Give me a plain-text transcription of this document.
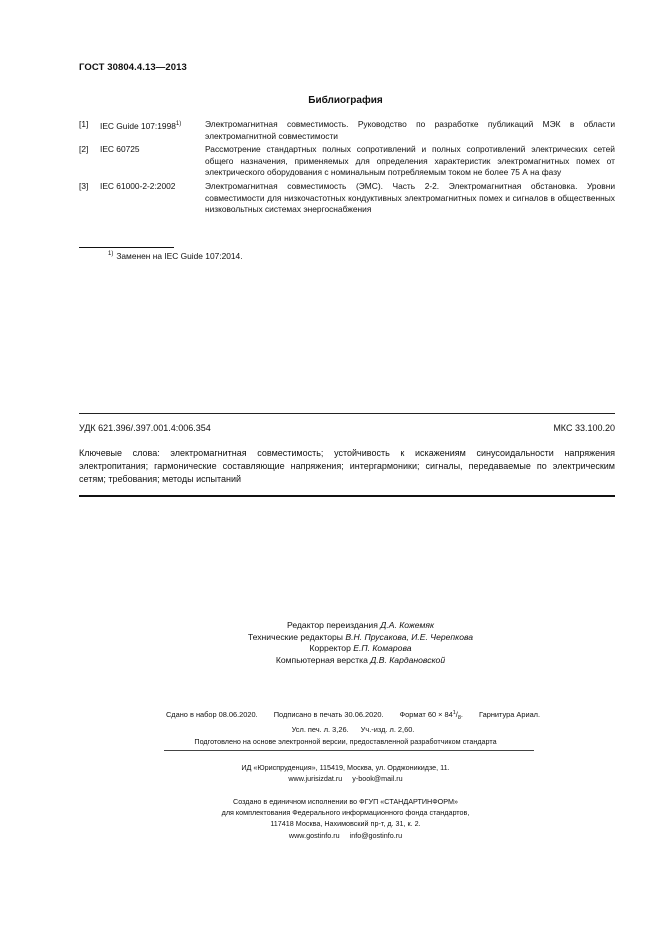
ГОСТ 30804.4.13—2013
Библиография
[1]	IEC Guide 107:1998$^{1)}$	Электромагнитная совместимость. Руководство по разработке публикаций МЭК в области электромагнитной совместимости
[2]	IEC 60725	Рассмотрение стандартных полных сопротивлений и полных сопротивлений электрических сетей общего назначения, применяемых для определения характеристик электромагнитных помех от электрического оборудования с номинальным потребляемым током не более 75 А на фазу
[3]	IEC 61000-2-2:2002	Электромагнитная совместимость (ЭМС). Часть 2-2. Электромагнитная обстановка. Уровни совместимости для низкочастотных кондуктивных электромагнитных помех и сигналов в общественных низковольтных системах энергоснабжения
$^{1)}$ Заменен на IEC Guide 107:2014.
УДК 621.396/.397.001.4:006.354	МКС 33.100.20
Ключевые слова: электромагнитная совместимость; устойчивость к искажениям синусоидальности напряжения электропитания; гармонические составляющие напряжения; интергармоники; сигналы, передаваемые по электрическим сетям; требования; методы испытаний
Редактор переиздания Д.А. Кожемяк
Технические редакторы В.Н. Прусакова, И.Е. Черепкова
Корректор Е.П. Комарова
Компьютерная верстка Д.В. Кардановской
Сдано в набор 08.06.2020. Подписано в печать 30.06.2020. Формат $60 \times 84^1/_8$. Гарнитура Ариал.
Усл. печ. л. 3,26. Уч.-изд. л. 2,60.
Подготовлено на основе электронной версии, предоставленной разработчиком стандарта
ИД «Юриспруденция», 115419, Москва, ул. Орджоникидзе, 11.
www.jurisizdat.ru y-book@mail.ru
Создано в единичном исполнении во ФГУП «СТАНДАРТИНФОРМ»
для комплектования Федерального информационного фонда стандартов,
117418 Москва, Нахимовский пр-т, д. 31, к. 2.
www.gostinfo.ru info@gostinfo.ru
